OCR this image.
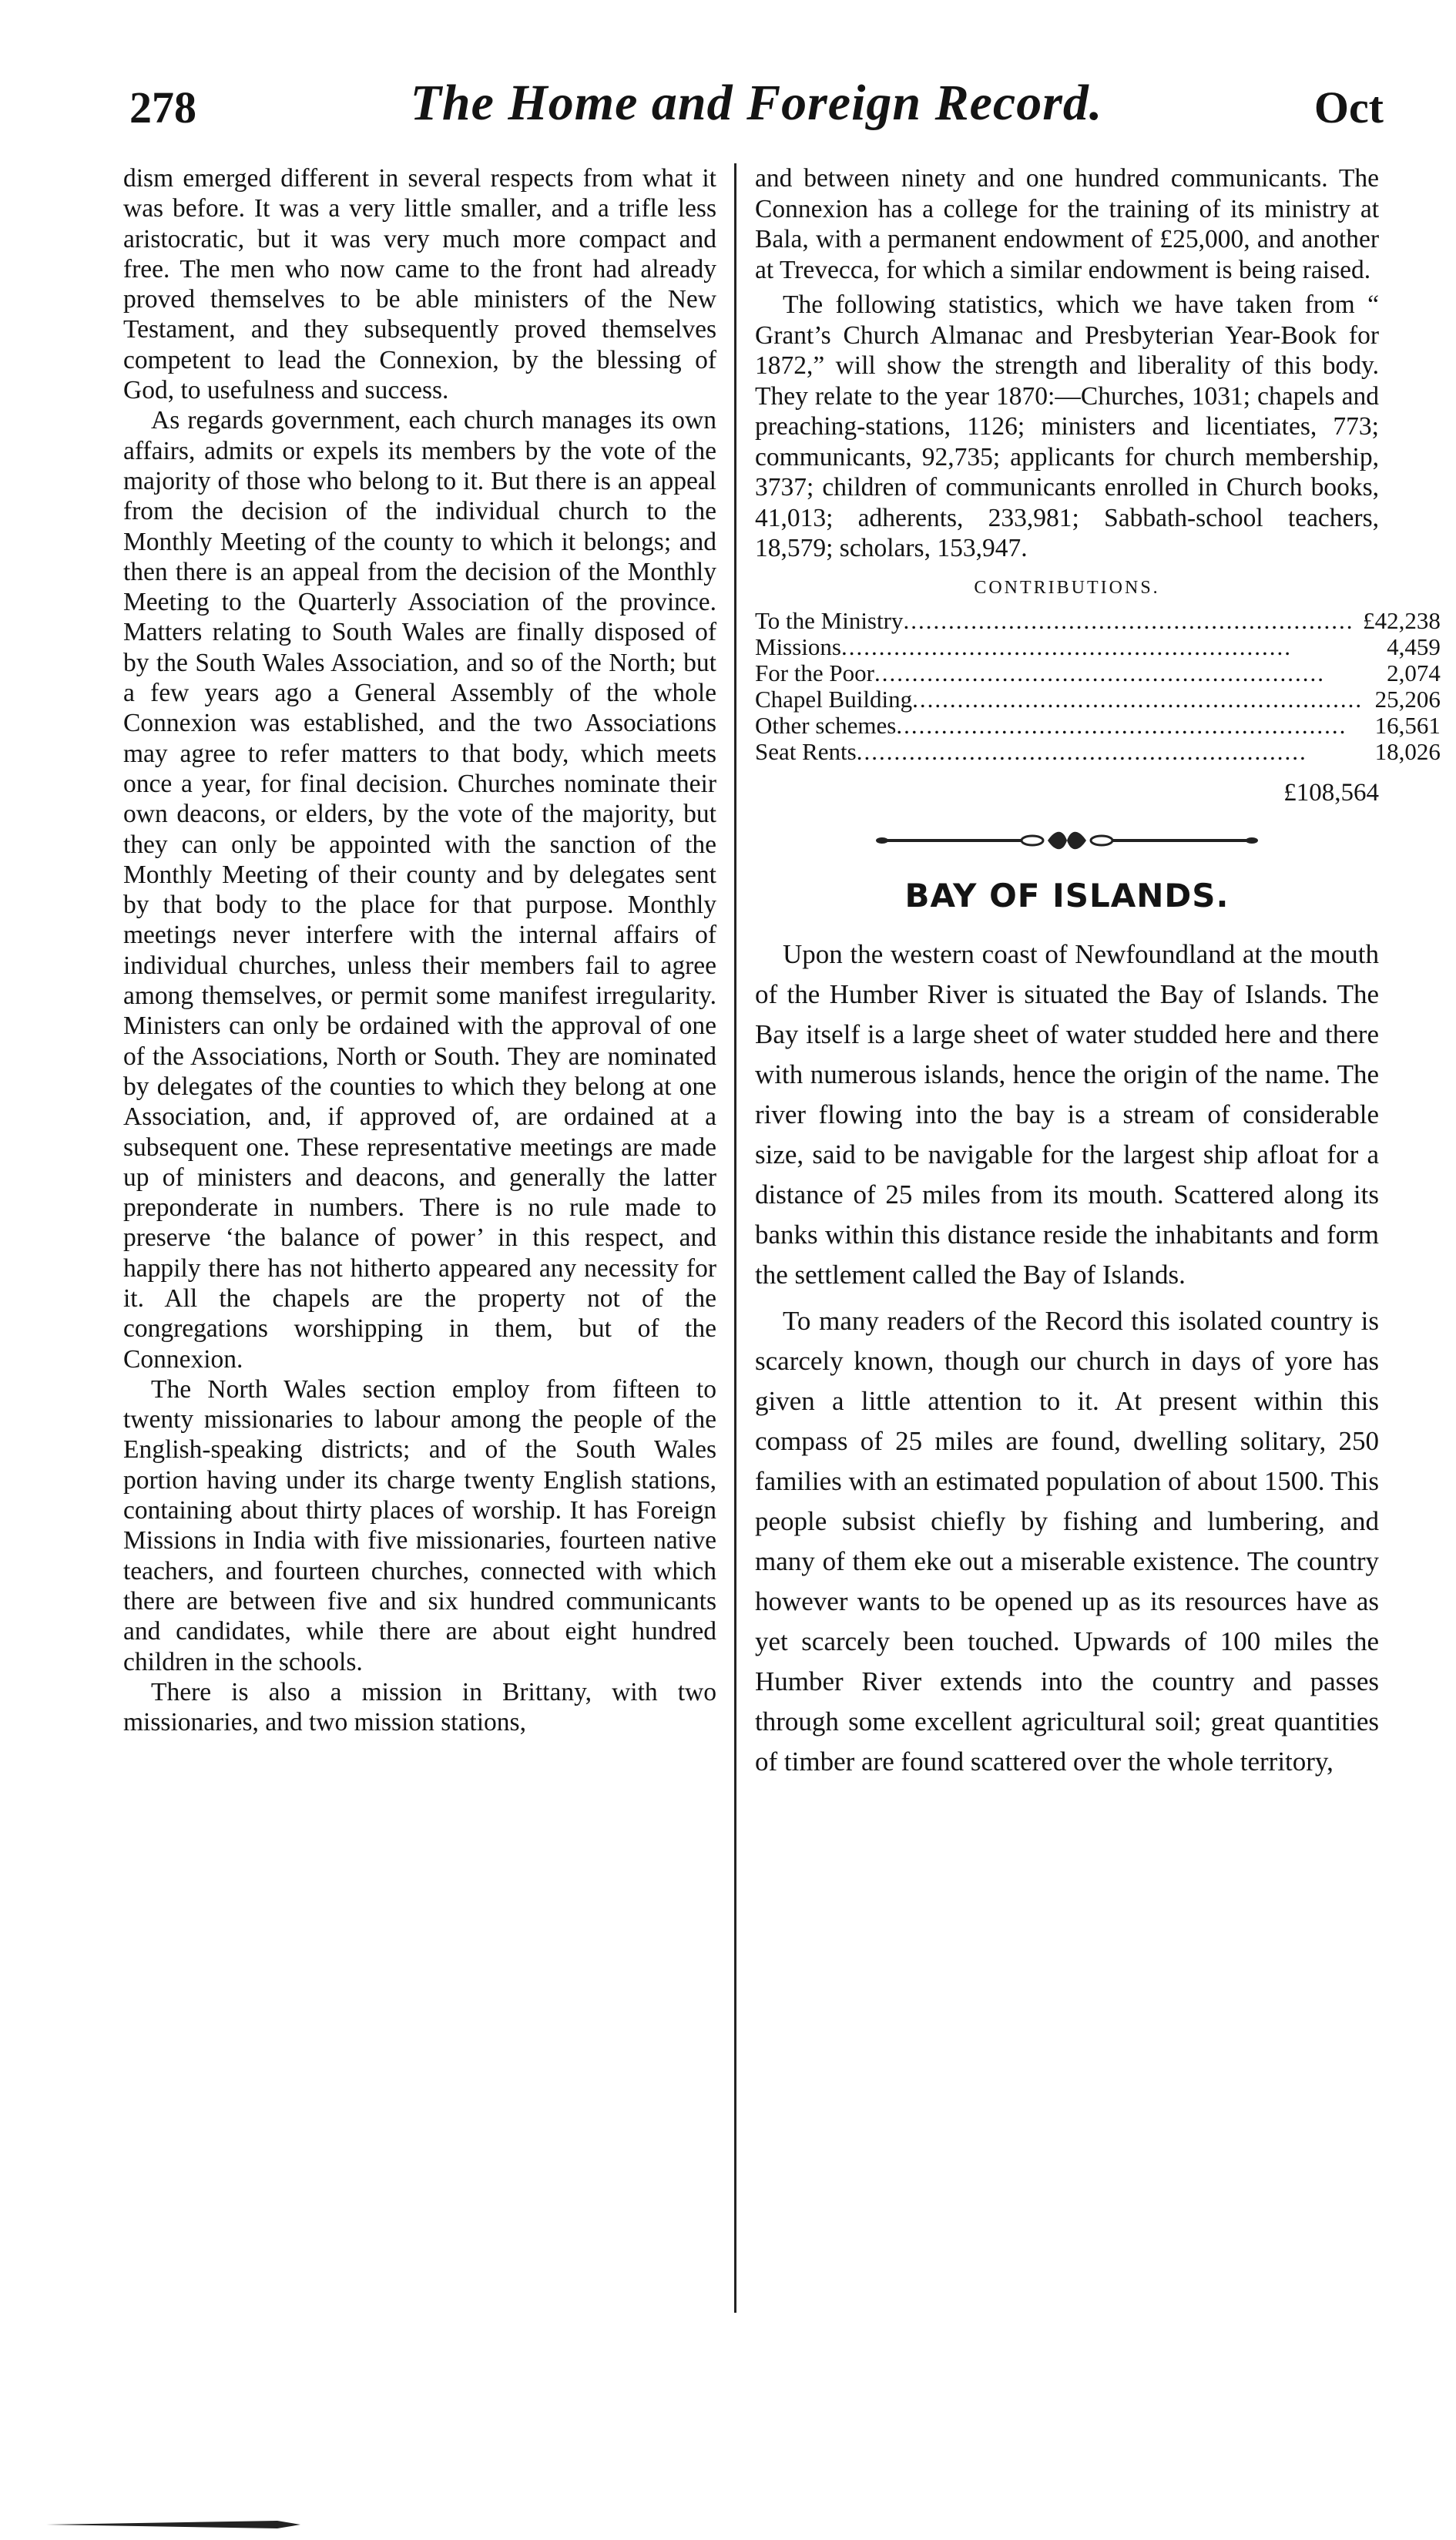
278	The Home and Foreign Record.	Oct

dism emerged different in several respects from what it was before. It was a very little smaller, and a trifle less aristocratic, but it was very much more compact and free. The men who now came to the front had already proved themselves to be able ministers of the New Testament, and they subsequently proved themselves competent to lead the Connexion, by the blessing of God, to usefulness and success.

As regards government, each church manages its own affairs, admits or expels its members by the vote of the majority of those who belong to it. But there is an appeal from the decision of the individual church to the Monthly Meeting of the county to which it belongs; and then there is an appeal from the decision of the Monthly Meeting to the Quarterly Association of the province. Matters relating to South Wales are finally disposed of by the South Wales Association, and so of the North; but a few years ago a General Assembly of the whole Connexion was established, and the two Associations may agree to refer matters to that body, which meets once a year, for final decision. Churches nominate their own deacons, or elders, by the vote of the majority, but they can only be appointed with the sanction of the Monthly Meeting of their county and by delegates sent by that body to the place for that purpose. Monthly meetings never interfere with the internal affairs of individual churches, unless their members fail to agree among themselves, or permit some manifest irregularity. Ministers can only be ordained with the approval of one of the Associations, North or South. They are nominated by delegates of the counties to which they belong at one Association, and, if approved of, are ordained at a subsequent one. These representative meetings are made up of ministers and deacons, and generally the latter preponderate in numbers. There is no rule made to preserve ‘the balance of power’ in this respect, and happily there has not hitherto appeared any necessity for it. All the chapels are the property not of the congregations worshipping in them, but of the Connexion.

The North Wales section employ from fifteen to twenty missionaries to labour among the people of the English-speaking districts; and of the South Wales portion having under its charge twenty English stations, containing about thirty places of worship. It has Foreign Missions in India with five missionaries, fourteen native teachers, and fourteen churches, connected with which there are between five and six hundred communicants and candidates, while there are about eight hundred children in the schools.

There is also a mission in Brittany, with two missionaries, and two mission stations,

and between ninety and one hundred communicants. The Connexion has a college for the training of its ministry at Bala, with a permanent endowment of £25,000, and another at Trevecca, for which a similar endowment is being raised.

The following statistics, which we have taken from “ Grant’s Church Almanac and Presbyterian Year-Book for 1872,” will show the strength and liberality of this body. They relate to the year 1870:—Churches, 1031; chapels and preaching-stations, 1126; ministers and licentiates, 773; communicants, 92,735; applicants for church membership, 3737; children of communicants enrolled in Church books, 41,013; adherents, 233,981; Sabbath-school teachers, 18,579; scholars, 153,947.

CONTRIBUTIONS.
To the Ministry............................................................	£42,238
Missions............................................................	4,459
For the Poor............................................................	2,074
Chapel Building............................................................	25,206
Other schemes............................................................	16,561
Seat Rents............................................................	18,026
£108,564
BAY OF ISLANDS.

Upon the western coast of Newfoundland at the mouth of the Humber River is situated the Bay of Islands. The Bay itself is a large sheet of water studded here and there with numerous islands, hence the origin of the name. The river flowing into the bay is a stream of considerable size, said to be navigable for the largest ship afloat for a distance of 25 miles from its mouth. Scattered along its banks within this distance reside the inhabitants and form the settlement called the Bay of Islands.

To many readers of the Record this isolated country is scarcely known, though our church in days of yore has given a little attention to it. At present within this compass of 25 miles are found, dwelling solitary, 250 families with an estimated population of about 1500. This people subsist chiefly by fishing and lumbering, and many of them eke out a miserable existence. The country however wants to be opened up as its resources have as yet scarcely been touched. Upwards of 100 miles the Humber River extends into the country and passes through some excellent agricultural soil; great quantities of timber are found scattered over the whole territory,
